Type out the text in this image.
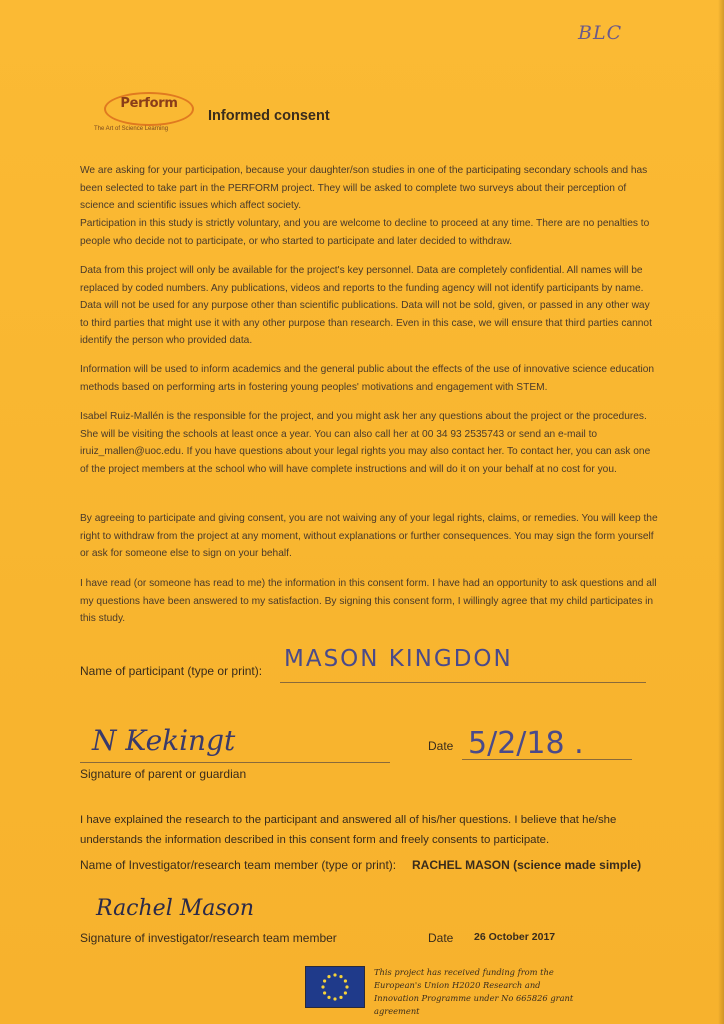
BLC
Perform
The Art of Science Learning
Informed consent

We are asking for your participation, because your daughter/son studies in one of the participating secondary schools and has been selected to take part in the PERFORM project. They will be asked to complete two surveys about their perception of science and scientific issues which affect society.

Participation in this study is strictly voluntary, and you are welcome to decline to proceed at any time. There are no penalties to people who decide not to participate, or who started to participate and later decided to withdraw.

Data from this project will only be available for the project's key personnel. Data are completely confidential. All names will be replaced by coded numbers. Any publications, videos and reports to the funding agency will not identify participants by name. Data will not be used for any purpose other than scientific publications. Data will not be sold, given, or passed in any other way to third parties that might use it with any other purpose than research. Even in this case, we will ensure that third parties cannot identify the person who provided data.

Information will be used to inform academics and the general public about the effects of the use of innovative science education methods based on performing arts in fostering young peoples' motivations and engagement with STEM.

Isabel Ruiz-Mallén is the responsible for the project, and you might ask her any questions about the project or the procedures. She will be visiting the schools at least once a year. You can also call her at 00 34 93 2535743 or send an e-mail to iruiz_mallen@uoc.edu. If you have questions about your legal rights you may also contact her. To contact her, you can ask one of the project members at the school who will have complete instructions and will do it on your behalf at no cost for you.

By agreeing to participate and giving consent, you are not waiving any of your legal rights, claims, or remedies. You will keep the right to withdraw from the project at any moment, without explanations or further consequences. You may sign the form yourself or ask for someone else to sign on your behalf.

I have read (or someone has read to me) the information in this consent form. I have had an opportunity to ask questions and all my questions have been answered to my satisfaction. By signing this consent form, I willingly agree that my child participates in this study.

Name of participant (type or print): MASON KINGDON
N Kekingt
Signature of parent or guardian
Date 5/2/18 .

I have explained the research to the participant and answered all of his/her questions. I believe that he/she understands the information described in this consent form and freely consents to participate.

Name of Investigator/research team member (type or print): RACHEL MASON (science made simple)
Rachel Mason
Signature of investigator/research team member	Date 26 October 2017

This project has received funding from the European's Union H2020 Research and Innovation Programme under No 665826 grant agreement
